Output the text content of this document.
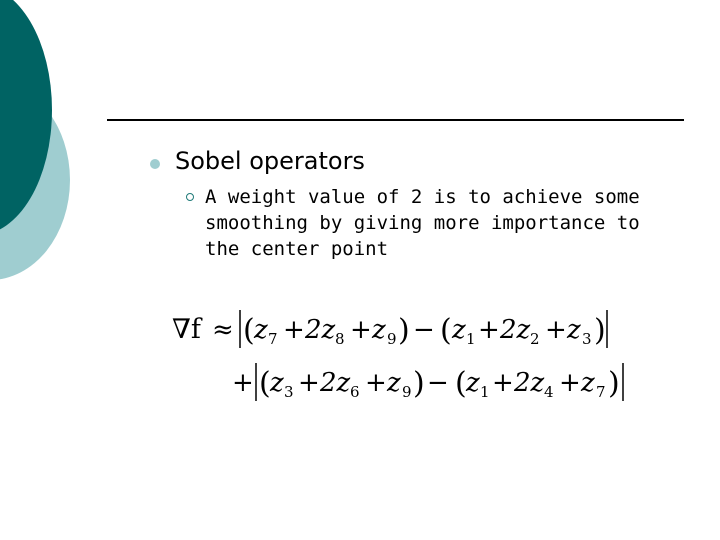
Sobel operators
A weight value of 2 is to achieve some smoothing by giving more importance to the center point
∇f ≈ ( z 7 + 2z 8 + z 9 ) − ( z 1 + 2z 2 + z 3 )
+ ( z 3 + 2z 6 + z 9 ) − ( z 1 + 2z 4 + z 7 )
